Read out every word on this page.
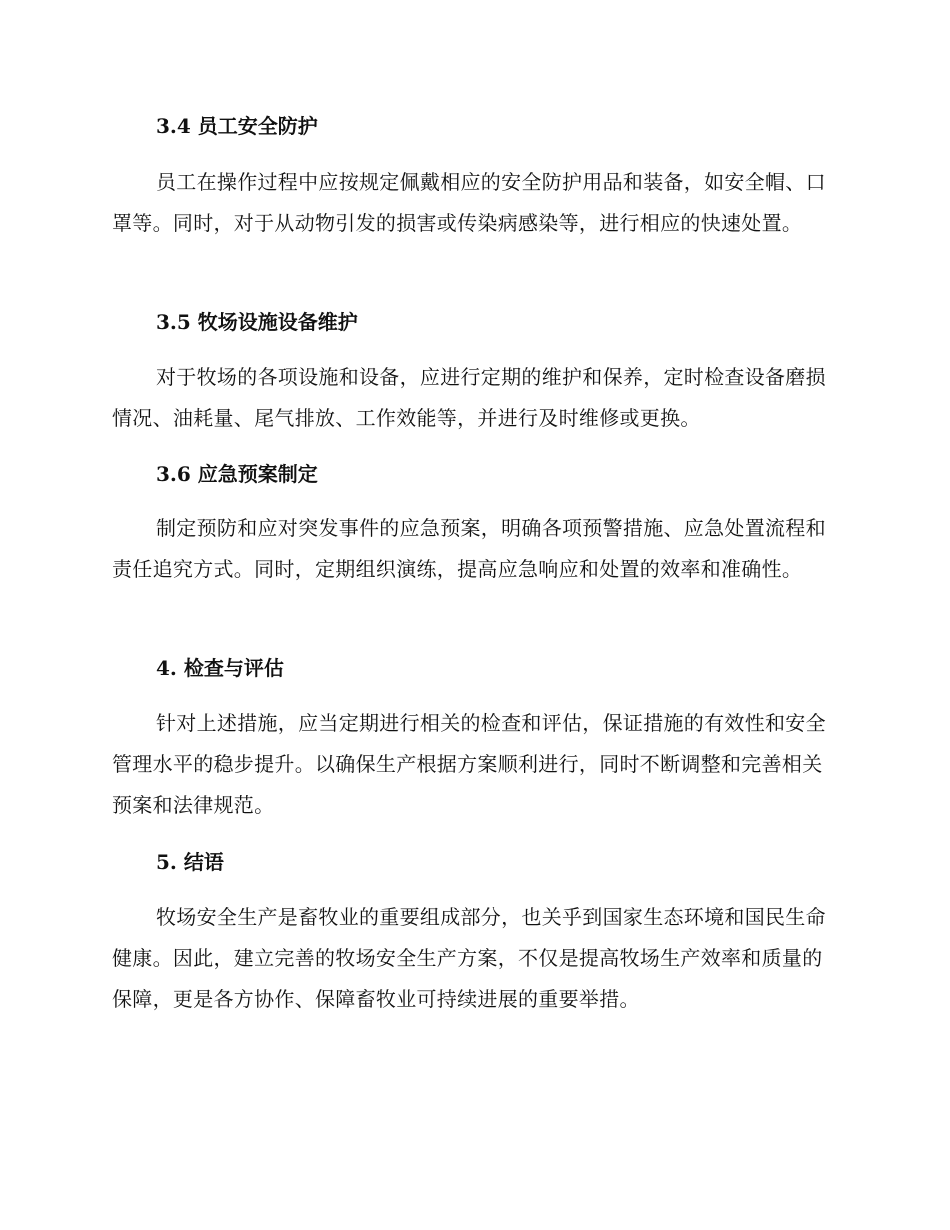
3.4 员工安全防护
员工在操作过程中应按规定佩戴相应的安全防护用品和装备，如安全帽、口罩等。同时，对于从动物引发的损害或传染病感染等，进行相应的快速处置。
3.5 牧场设施设备维护
对于牧场的各项设施和设备，应进行定期的维护和保养，定时检查设备磨损情况、油耗量、尾气排放、工作效能等，并进行及时维修或更换。
3.6 应急预案制定
制定预防和应对突发事件的应急预案，明确各项预警措施、应急处置流程和责任追究方式。同时，定期组织演练，提高应急响应和处置的效率和准确性。
4. 检查与评估
针对上述措施，应当定期进行相关的检查和评估，保证措施的有效性和安全管理水平的稳步提升。以确保生产根据方案顺利进行，同时不断调整和完善相关预案和法律规范。
5. 结语
牧场安全生产是畜牧业的重要组成部分，也关乎到国家生态环境和国民生命健康。因此，建立完善的牧场安全生产方案，不仅是提高牧场生产效率和质量的保障，更是各方协作、保障畜牧业可持续进展的重要举措。
